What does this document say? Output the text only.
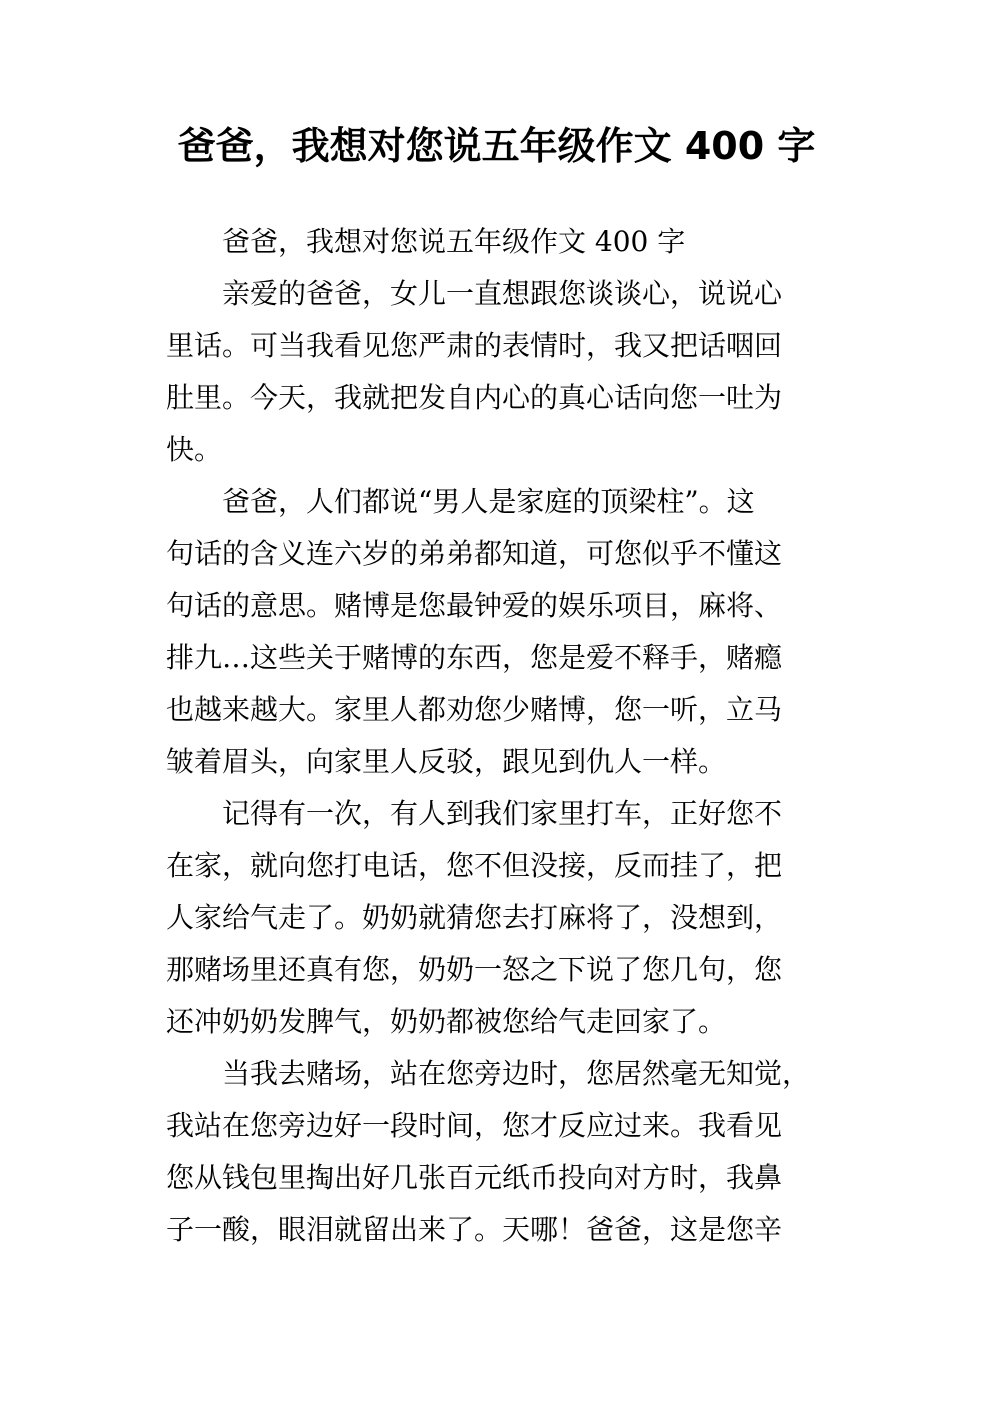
爸爸，我想对您说五年级作文 400 字

爸爸，我想对您说五年级作文 400 字

亲爱的爸爸，女儿一直想跟您谈谈心，说说心
里话。可当我看见您严肃的表情时，我又把话咽回
肚里。今天，我就把发自内心的真心话向您一吐为
快。

爸爸，人们都说“男人是家庭的顶梁柱”。这
句话的含义连六岁的弟弟都知道，可您似乎不懂这
句话的意思。赌博是您最钟爱的娱乐项目，麻将、
排九…这些关于赌博的东西，您是爱不释手，赌瘾
也越来越大。家里人都劝您少赌博，您一听，立马
皱着眉头，向家里人反驳，跟见到仇人一样。

记得有一次，有人到我们家里打车，正好您不
在家，就向您打电话，您不但没接，反而挂了，把
人家给气走了。奶奶就猜您去打麻将了，没想到，
那赌场里还真有您，奶奶一怒之下说了您几句，您
还冲奶奶发脾气，奶奶都被您给气走回家了。

当我去赌场，站在您旁边时，您居然毫无知觉，
我站在您旁边好一段时间，您才反应过来。我看见
您从钱包里掏出好几张百元纸币投向对方时，我鼻
子一酸，眼泪就留出来了。天哪！爸爸，这是您辛
